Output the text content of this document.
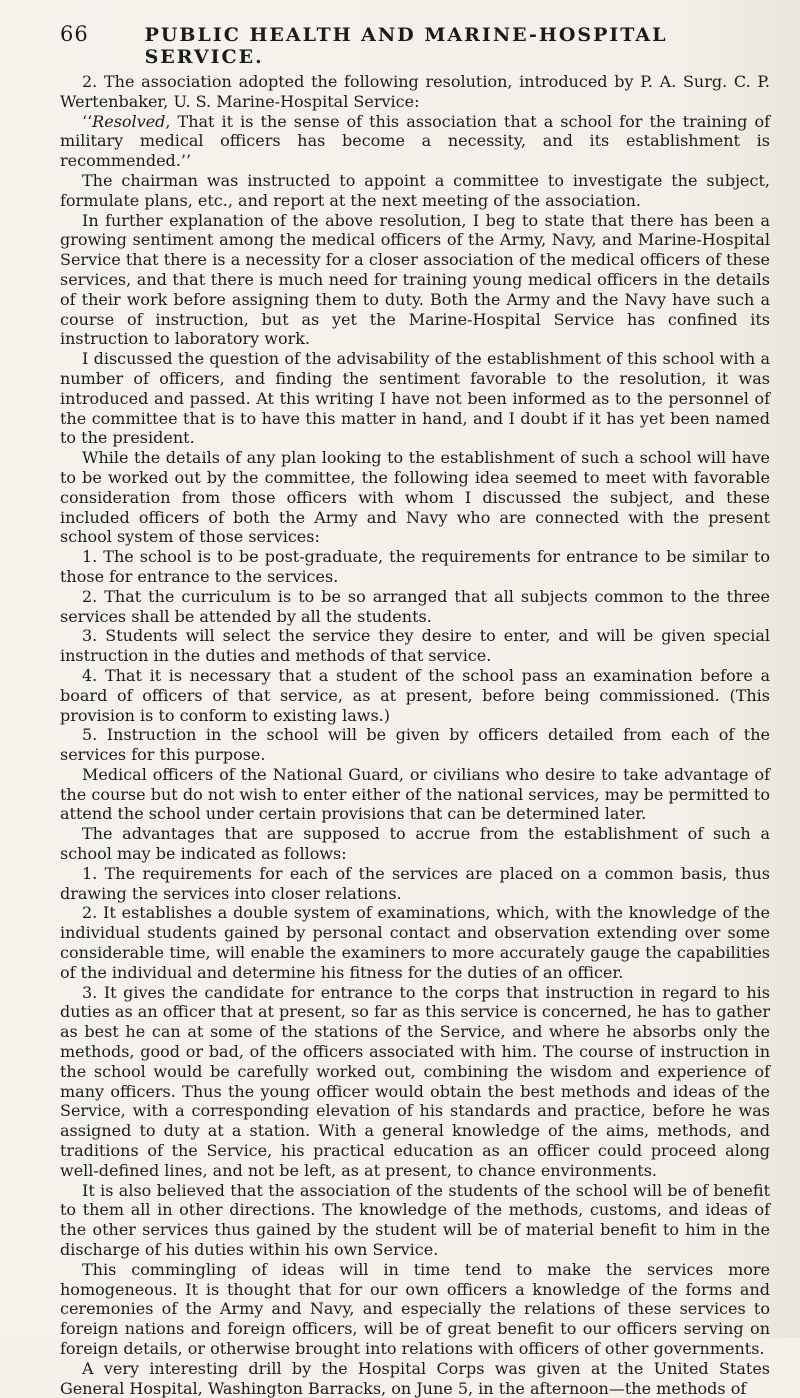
66	PUBLIC HEALTH AND MARINE-HOSPITAL SERVICE.

2. The association adopted the following resolution, introduced by P. A. Surg. C. P. Wertenbaker, U. S. Marine-Hospital Service:

‘‘Resolved, That it is the sense of this association that a school for the training of military medical officers has become a necessity, and its establishment is recommended.’’

The chairman was instructed to appoint a committee to investigate the subject, formulate plans, etc., and report at the next meeting of the association.

In further explanation of the above resolution, I beg to state that there has been a growing sentiment among the medical officers of the Army, Navy, and Marine-Hospital Service that there is a necessity for a closer association of the medical officers of these services, and that there is much need for training young medical officers in the details of their work before assigning them to duty. Both the Army and the Navy have such a course of instruction, but as yet the Marine-Hospital Service has confined its instruction to laboratory work.

I discussed the question of the advisability of the establishment of this school with a number of officers, and finding the sentiment favorable to the resolution, it was introduced and passed. At this writing I have not been informed as to the personnel of the committee that is to have this matter in hand, and I doubt if it has yet been named to the president.

While the details of any plan looking to the establishment of such a school will have to be worked out by the committee, the following idea seemed to meet with favorable consideration from those officers with whom I discussed the subject, and these included officers of both the Army and Navy who are connected with the present school system of those services:

1. The school is to be post-graduate, the requirements for entrance to be similar to those for entrance to the services.

2. That the curriculum is to be so arranged that all subjects common to the three services shall be attended by all the students.

3. Students will select the service they desire to enter, and will be given special instruction in the duties and methods of that service.

4. That it is necessary that a student of the school pass an examination before a board of officers of that service, as at present, before being commissioned. (This provision is to conform to existing laws.)

5. Instruction in the school will be given by officers detailed from each of the services for this purpose.

Medical officers of the National Guard, or civilians who desire to take advantage of the course but do not wish to enter either of the national services, may be permitted to attend the school under certain provisions that can be determined later.

The advantages that are supposed to accrue from the establishment of such a school may be indicated as follows:

1. The requirements for each of the services are placed on a common basis, thus drawing the services into closer relations.

2. It establishes a double system of examinations, which, with the knowledge of the individual students gained by personal contact and observation extending over some considerable time, will enable the examiners to more accurately gauge the capabilities of the individual and determine his fitness for the duties of an officer.

3. It gives the candidate for entrance to the corps that instruction in regard to his duties as an officer that at present, so far as this service is concerned, he has to gather as best he can at some of the stations of the Service, and where he absorbs only the methods, good or bad, of the officers associated with him. The course of instruction in the school would be carefully worked out, combining the wisdom and experience of many officers. Thus the young officer would obtain the best methods and ideas of the Service, with a corresponding elevation of his standards and practice, before he was assigned to duty at a station. With a general knowledge of the aims, methods, and traditions of the Service, his practical education as an officer could proceed along well-defined lines, and not be left, as at present, to chance environments.

It is also believed that the association of the students of the school will be of benefit to them all in other directions. The knowledge of the methods, customs, and ideas of the other services thus gained by the student will be of material benefit to him in the discharge of his duties within his own Service.

This commingling of ideas will in time tend to make the services more homogeneous. It is thought that for our own officers a knowledge of the forms and ceremonies of the Army and Navy, and especially the relations of these services to foreign nations and foreign officers, will be of great benefit to our officers serving on foreign details, or otherwise brought into relations with officers of other governments.

A very interesting drill by the Hospital Corps was given at the United States General Hospital, Washington Barracks, on June 5, in the afternoon—the methods of
